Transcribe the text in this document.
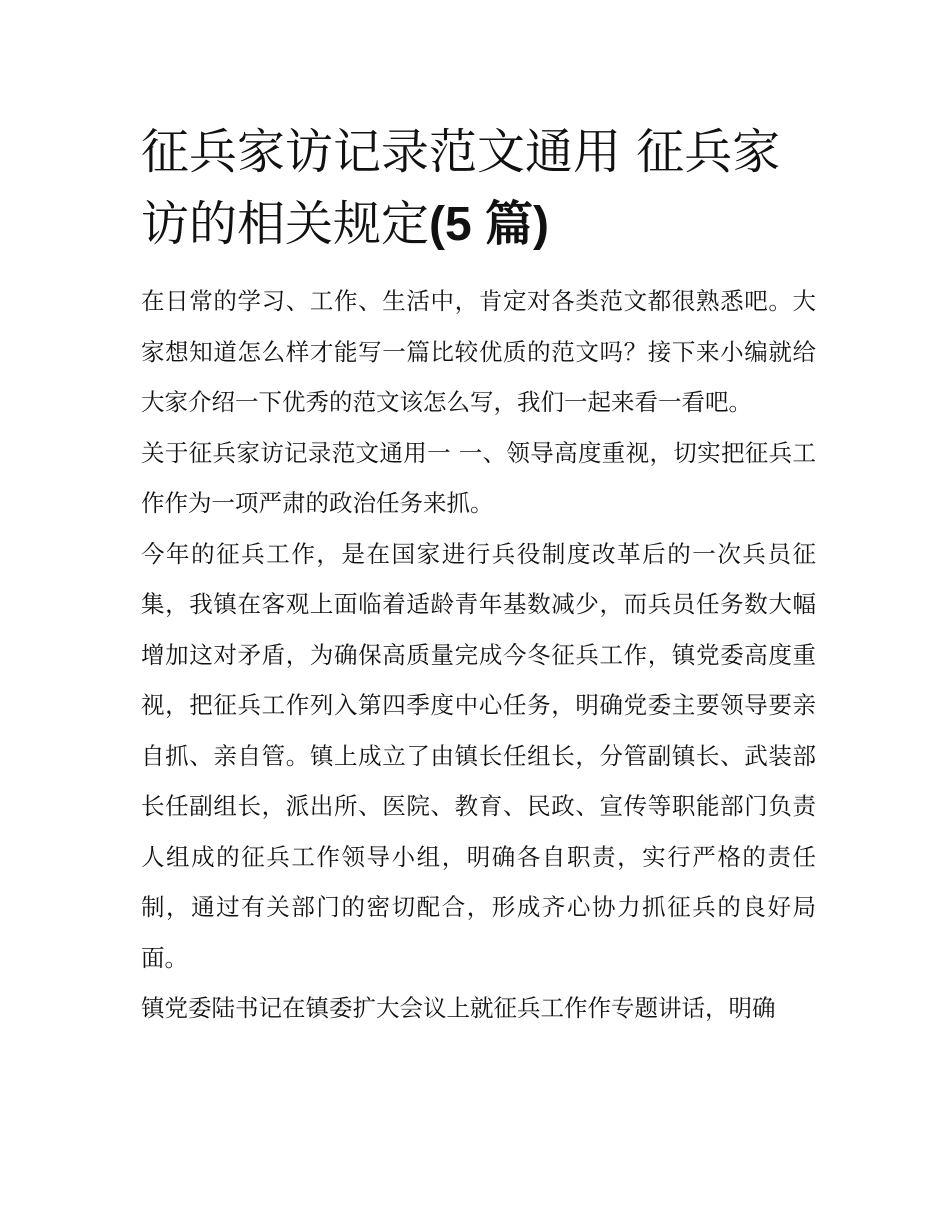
征兵家访记录范文通用 征兵家访的相关规定(5 篇)

在日常的学习、工作、生活中，肯定对各类范文都很熟悉吧。大家想知道怎么样才能写一篇比较优质的范文吗？接下来小编就给大家介绍一下优秀的范文该怎么写，我们一起来看一看吧。

关于征兵家访记录范文通用一 一、领导高度重视，切实把征兵工作作为一项严肃的政治任务来抓。

今年的征兵工作，是在国家进行兵役制度改革后的一次兵员征集，我镇在客观上面临着适龄青年基数减少，而兵员任务数大幅增加这对矛盾，为确保高质量完成今冬征兵工作，镇党委高度重视，把征兵工作列入第四季度中心任务，明确党委主要领导要亲自抓、亲自管。镇上成立了由镇长任组长，分管副镇长、武装部长任副组长，派出所、医院、教育、民政、宣传等职能部门负责人组成的征兵工作领导小组，明确各自职责，实行严格的责任制，通过有关部门的密切配合，形成齐心协力抓征兵的良好局面。

镇党委陆书记在镇委扩大会议上就征兵工作作专题讲话，明确
